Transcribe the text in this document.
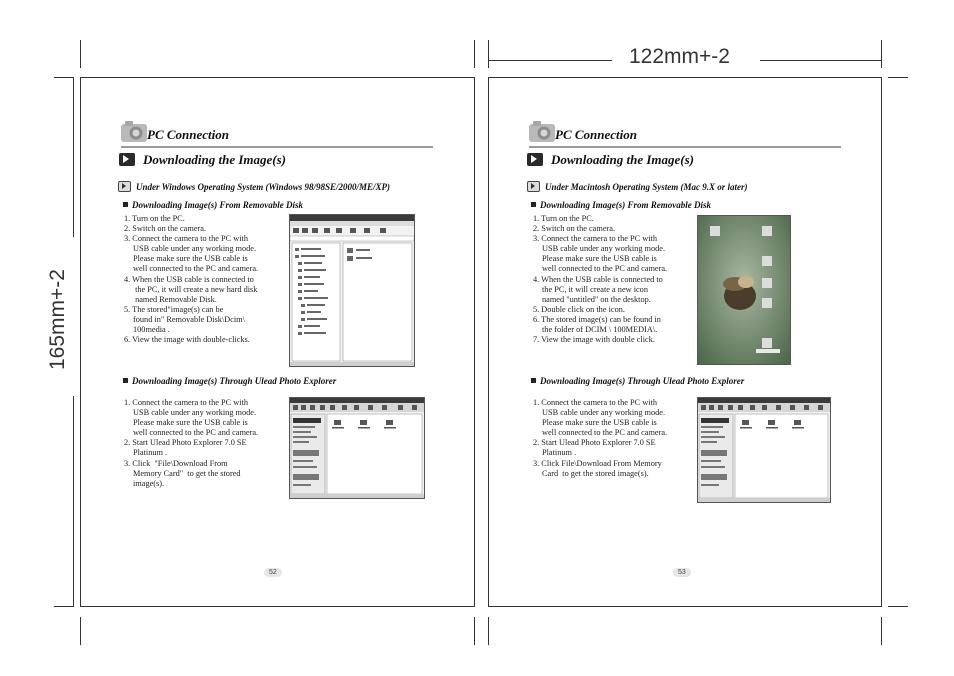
122mm+-2
165mm+-2
PC Connection
Downloading the Image(s)
Under Windows Operating System (Windows 98/98SE/2000/ME/XP)
Downloading Image(s) From Removable Disk
1. Turn on the PC.
2. Switch on the camera.
3. Connect the camera to the PC with
USB cable under any working mode.
Please make sure the USB cable is
well connected to the PC and camera.
4. When the USB cable is connected to
the PC, it will create a new hard disk
named Removable Disk.
5. The stored"image(s) can be
found in" Removable Disk\Dcim\
100media .
6. View the image with double-clicks.
Downloading Image(s) Through Ulead Photo Explorer
1. Connect the camera to the PC with
USB cable under any working mode.
Please make sure the USB cable is
well connected to the PC and camera.
2. Start Ulead Photo Explorer 7.0 SE
Platinum .
3. Click  "File\Download From
Memory Card"  to get the stored
image(s).
52
PC Connection
Downloading the Image(s)
Under Macintosh Operating System (Mac 9.X or later)
Downloading Image(s) From Removable Disk
1. Turn on the PC.
2. Switch on the camera.
3. Connect the camera to the PC with
USB cable under any working mode.
Please make sure the USB cable is
well connected to the PC and camera.
4. When the USB cable is connected to
the PC, it will create a new icon
named "untitled" on the desktop.
5. Double click on the icon.
6. The stored image(s) can be found in
the folder of DCIM \ 100MEDIA\.
7. View the image with double click.
Downloading Image(s) Through Ulead Photo Explorer
1. Connect the camera to the PC with
USB cable under any working mode.
Please make sure the USB cable is
well connected to the PC and camera.
2. Start Ulead Photo Explorer 7.0 SE
Platinum .
3. Click File\Download From Memory
Card  to get the stored image(s).
53
